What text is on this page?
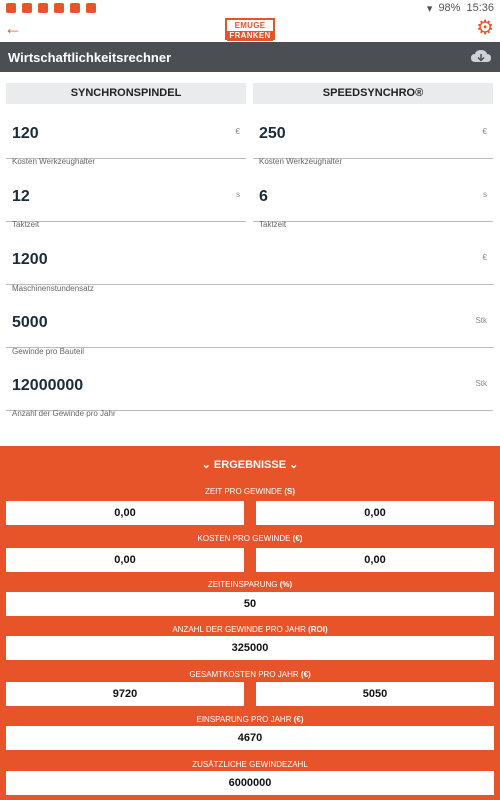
▾ 98% 15:36
←	EMUGE
FRANKEN
Wirtschaftlichkeitsrechner
⚙
SYNCHRONSPINDEL	SPEEDSYNCHRO®
120	€
Kosten Werkzeughalter
250	€
Kosten Werkzeughalter
12	s
Taktzeit
6	s
Taktzeit
1200	€
Maschinenstundensatz
5000	Stk
Gewinde pro Bauteil
12000000	Stk
Anzahl der Gewinde pro Jahr
⌄ ERGEBNISSE ⌄
ZEIT PRO GEWINDE (S)
0,00	0,00
KOSTEN PRO GEWINDE (€)
0,00	0,00
ZEITEINSPARUNG (%)
50
ANZAHL DER GEWINDE PRO JAHR (ROI)
325000
GESAMTKOSTEN PRO JAHR (€)
9720	5050
EINSPARUNG PRO JAHR (€)
4670
ZUSÄTZLICHE GEWINDEZAHL
6000000
